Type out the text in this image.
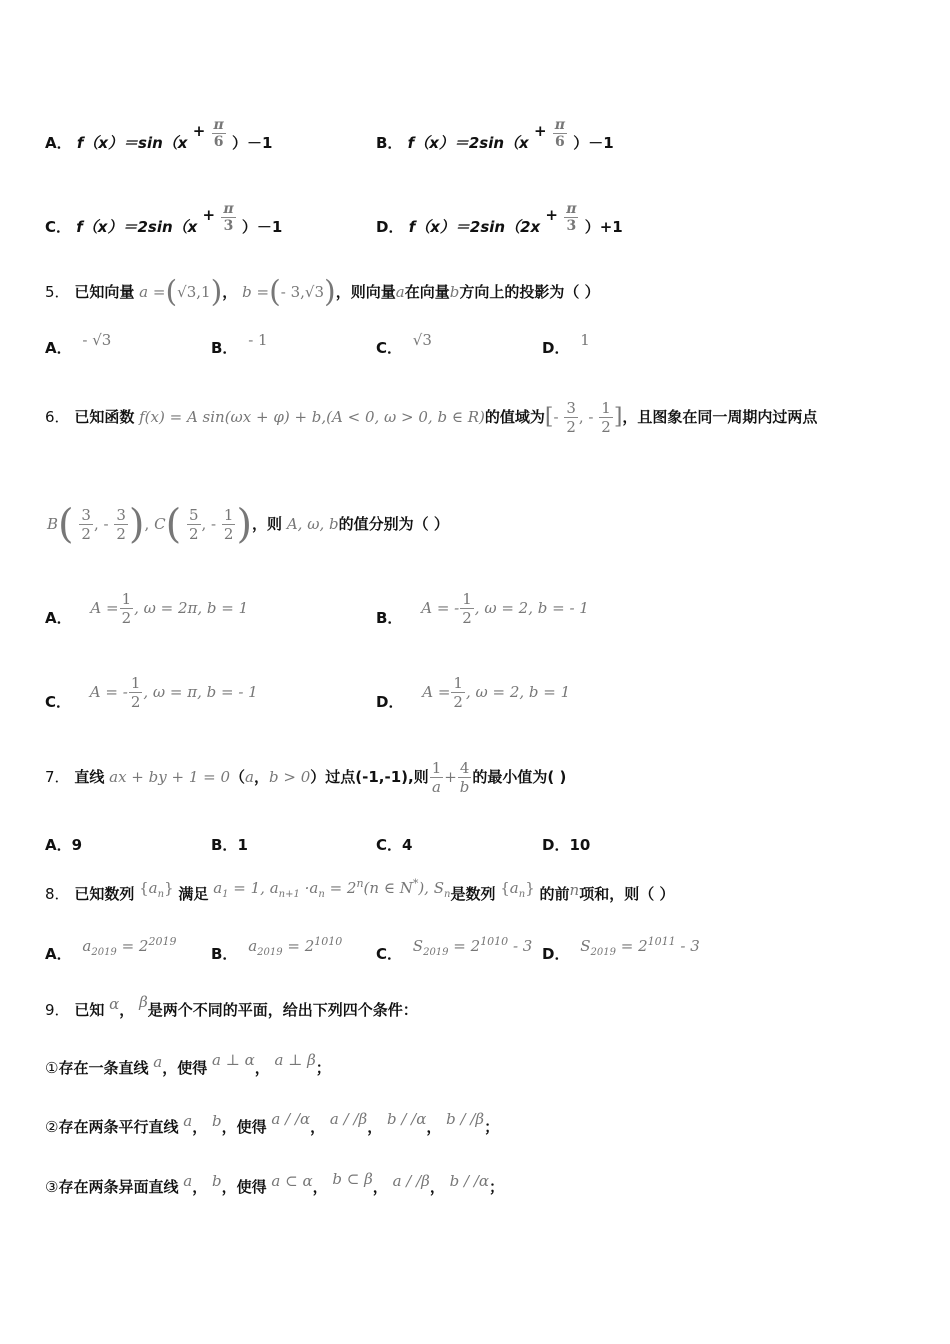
A． $f(x)=\sin(x + \frac{\pi}{6} )-1$	B． $f(x)=2\sin(x + \frac{\pi}{6} )-1$
C． $f(x)=2\sin(x + \frac{\pi}{3} )-1$	D． $f(x)=2\sin(2x + \frac{\pi}{3} )+1$
5． 已知向量 a =(√3,1)， b =(- 3,√3)，则向量a在向量b方向上的投影为（ ）
A． - √3	B． - 1	C． √3	D． 1
6． 已知函数 f(x) = A sin(ωx + φ) + b,(A < 0, ω > 0, b ∈ R)的值域为[- $\frac{3}{2}$ , - $\frac{1}{2}$ ]，且图象在同一周期内过两点
$B( \frac{3}{2}$ , - $\frac{3}{2}$ ), $C( \frac{5}{2}$ , - $\frac{1}{2}$ )，则 A, ω, b的值分别为（ ）
A． $A = \frac{1}{2}$ , ω = 2π, b = 1
B． A = - $\frac{1}{2}$ , ω = 2, b = - 1
C． A = - $\frac{1}{2}$ , ω = π, b = - 1
D． $A = \frac{1}{2}$ , ω = 2, b = 1
7． 直线 ax + by + 1 = 0（a，b > 0）过点(-1,-1),则 $\frac{1}{a} + \frac{4}{b}$ 的最小值为( )
A．9	B．1	C．4	D．10
8． 已知数列 $\{a_n\}$ 满足 $a_1 = 1$, $a_{n+1} \cdot a_n = 2^n(n$ ∈ N*), $S_n$是数列 $\{a_n\}$ 的前n项和，则（ ）
A． $a_{2019} = 2^{2019}$
B． $a_{2019} = 2^{1010}$
C． $S_{2019} = 2^{1010} - 3$ D． $S_{2019} = 2^{1011} - 3$
9． 已知 α， β是两个不同的平面，给出下列四个条件：
①存在一条直线 a，使得 a ⊥ α， a ⊥ β；
②存在两条平行直线 a， b，使得 a / /α， a / /β， b / /α， b / /β；
③存在两条异面直线 a， b，使得 a ⊂ α， b ⊂ β， a / /β， b / /α；
